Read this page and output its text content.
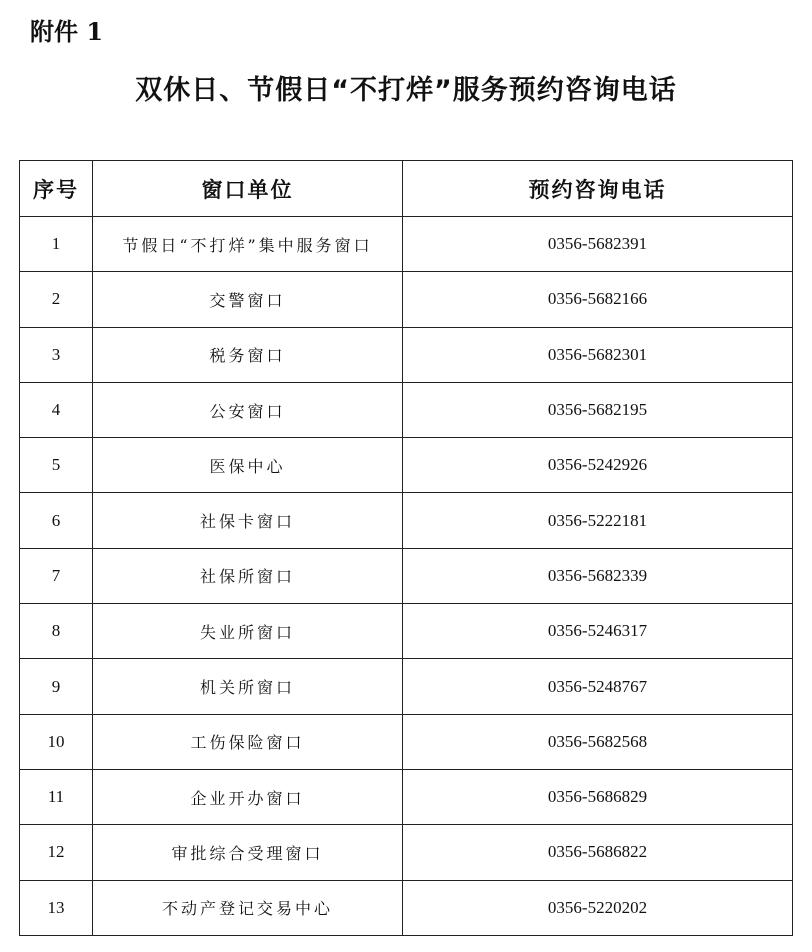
附件 1
双休日、节假日“不打烊”服务预约咨询电话
序号	窗口单位	预约咨询电话
1	节假日“不打烊”集中服务窗口	0356-5682391
2	交警窗口	0356-5682166
3	税务窗口	0356-5682301
4	公安窗口	0356-5682195
5	医保中心	0356-5242926
6	社保卡窗口	0356-5222181
7	社保所窗口	0356-5682339
8	失业所窗口	0356-5246317
9	机关所窗口	0356-5248767
10	工伤保险窗口	0356-5682568
11	企业开办窗口	0356-5686829
12	审批综合受理窗口	0356-5686822
13	不动产登记交易中心	0356-5220202
